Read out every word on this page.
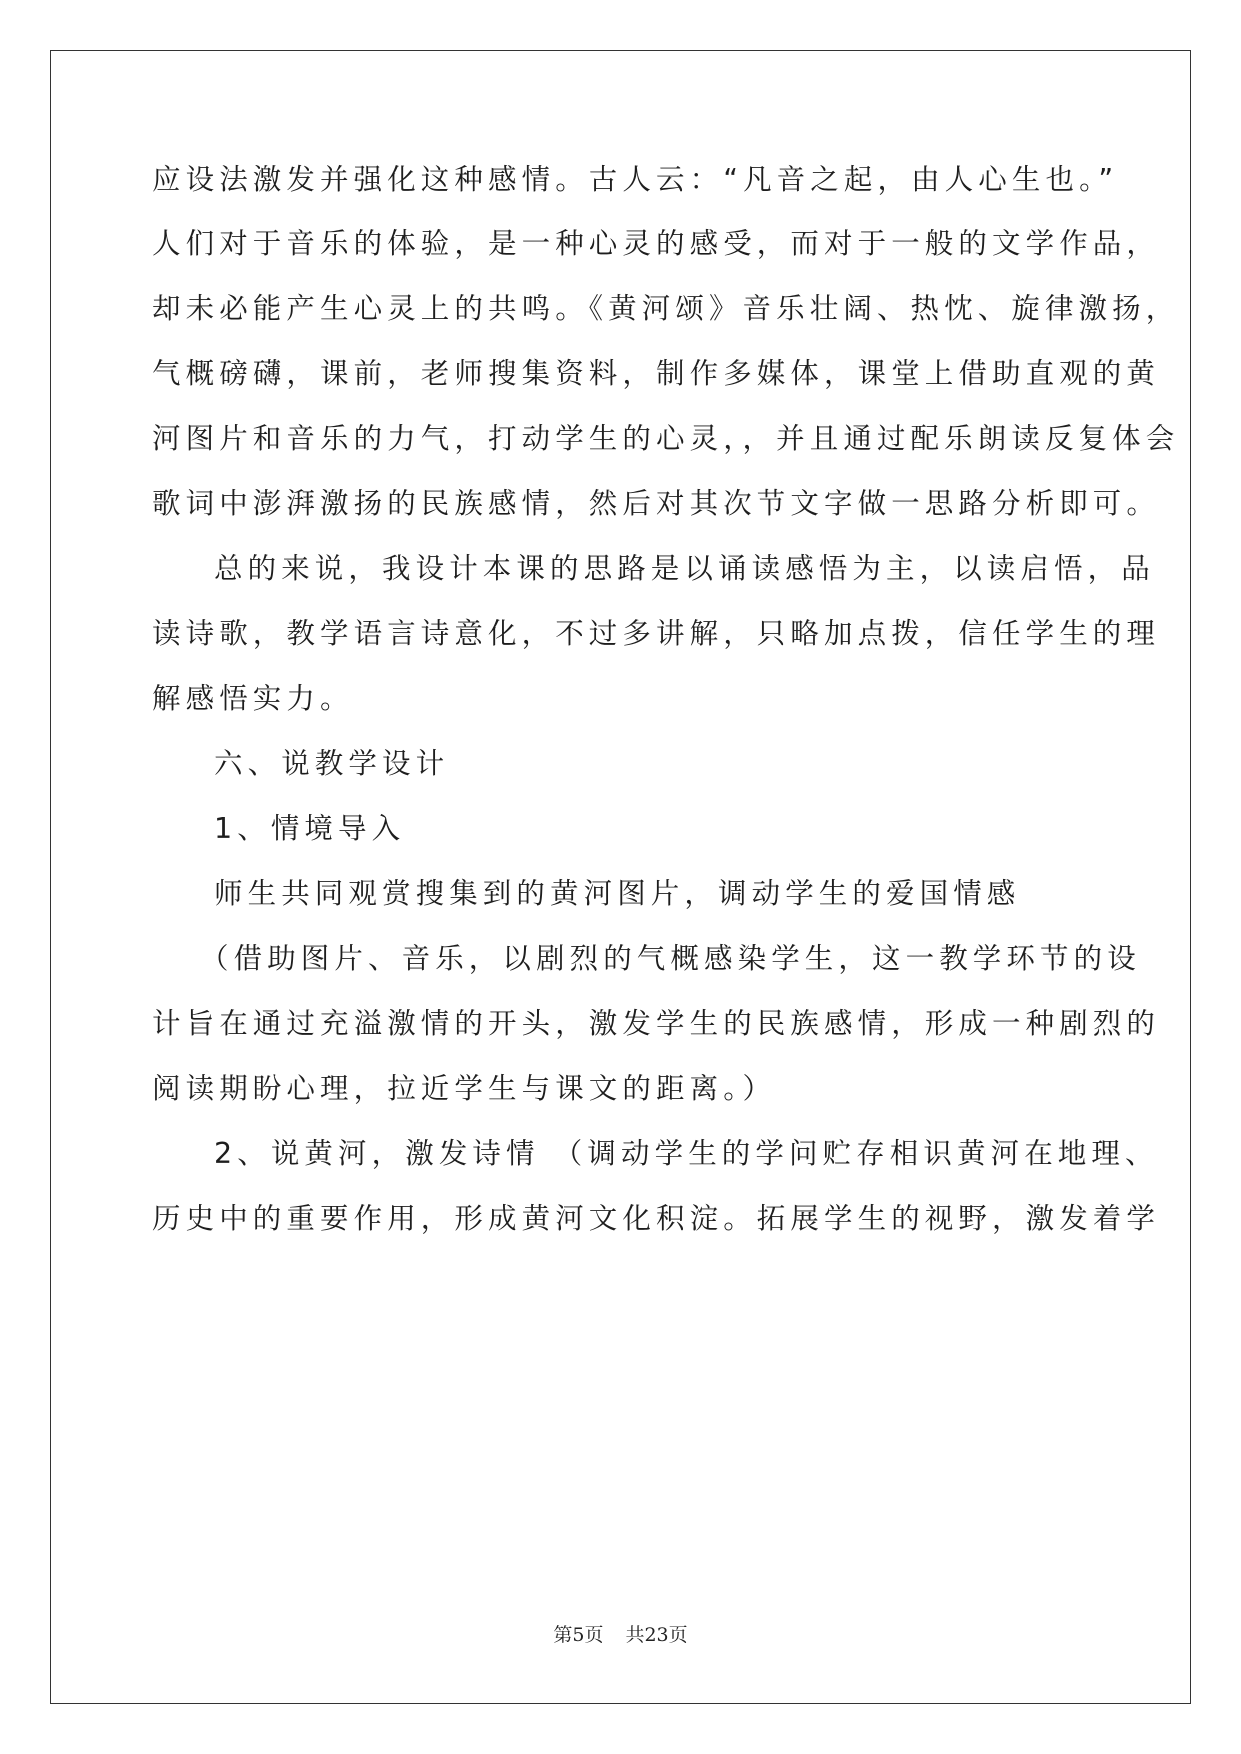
应设法激发并强化这种感情。古人云：“凡音之起，由人心生也。”
人们对于音乐的体验，是一种心灵的感受，而对于一般的文学作品，
却未必能产生心灵上的共鸣。《黄河颂》音乐壮阔、热忱、旋律激扬，
气概磅礴，课前，老师搜集资料，制作多媒体，课堂上借助直观的黄
河图片和音乐的力气，打动学生的心灵，，并且通过配乐朗读反复体会
歌词中澎湃激扬的民族感情，然后对其次节文字做一思路分析即可。
总的来说，我设计本课的思路是以诵读感悟为主，以读启悟，品
读诗歌，教学语言诗意化，不过多讲解，只略加点拨，信任学生的理
解感悟实力。
六、说教学设计
1、情境导入
师生共同观赏搜集到的黄河图片，调动学生的爱国情感
（借助图片、音乐，以剧烈的气概感染学生，这一教学环节的设
计旨在通过充溢激情的开头，激发学生的民族感情，形成一种剧烈的
阅读期盼心理，拉近学生与课文的距离。）
2、说黄河，激发诗情 （调动学生的学问贮存相识黄河在地理、
历史中的重要作用，形成黄河文化积淀。拓展学生的视野，激发着学
第5页 共23页
